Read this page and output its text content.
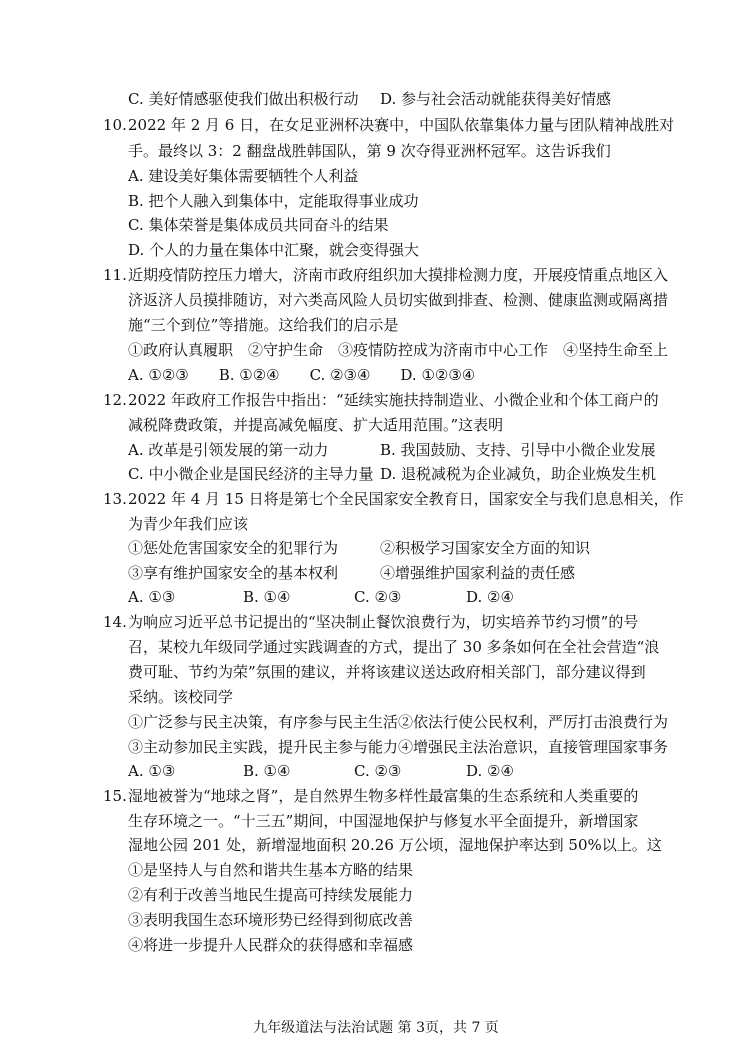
C. 美好情感驱使我们做出积极行动 D. 参与社会活动就能获得美好情感
10. 2022 年 2 月 6 日，在女足亚洲杯决赛中，中国队依靠集体力量与团队精神战胜对
手。最终以 3：2 翻盘战胜韩国队，第 9 次夺得亚洲杯冠军。这告诉我们
A. 建设美好集体需要牺牲个人利益
B. 把个人融入到集体中，定能取得事业成功
C. 集体荣誉是集体成员共同奋斗的结果
D. 个人的力量在集体中汇聚，就会变得强大
11. 近期疫情防控压力增大，济南市政府组织加大摸排检测力度，开展疫情重点地区入
济返济人员摸排随访，对六类高风险人员切实做到排查、检测、健康监测或隔离措
施“三个到位”等措施。这给我们的启示是
①政府认真履职　②守护生命　③疫情防控成为济南市中心工作　④坚持生命至上
A. ①②③　　B. ①②④　　C. ②③④　　D. ①②③④
12. 2022 年政府工作报告中指出：“延续实施扶持制造业、小微企业和个体工商户的
减税降费政策，并提高减免幅度、扩大适用范围。”这表明
A. 改革是引领发展的第一动力	B. 我国鼓励、支持、引导中小微企业发展
C. 中小微企业是国民经济的主导力量 D. 退税减税为企业减负，助企业焕发生机
13. 2022 年 4 月 15 日将是第七个全民国家安全教育日，国家安全与我们息息相关，作
为青少年我们应该
①惩处危害国家安全的犯罪行为	②积极学习国家安全方面的知识
③享有维护国家安全的基本权利	④增强维护国家利益的责任感
A. ①③	B. ①④	C. ②③	D. ②④
14. 为响应习近平总书记提出的“坚决制止餐饮浪费行为，切实培养节约习惯”的号
召，某校九年级同学通过实践调查的方式，提出了 30 多条如何在全社会营造“浪
费可耻、节约为荣”氛围的建议，并将该建议送达政府相关部门，部分建议得到
采纳。该校同学
①广泛参与民主决策，有序参与民主生活②依法行使公民权利，严厉打击浪费行为
③主动参加民主实践，提升民主参与能力④增强民主法治意识，直接管理国家事务
A. ①③	B. ①④	C. ②③	D. ②④
15. 湿地被誉为“地球之肾”，是自然界生物多样性最富集的生态系统和人类重要的
生存环境之一。“十三五”期间，中国湿地保护与修复水平全面提升，新增国家
湿地公园 201 处，新增湿地面积 20.26 万公顷，湿地保护率达到 50%以上。这
①是坚持人与自然和谐共生基本方略的结果
②有利于改善当地民生提高可持续发展能力
③表明我国生态环境形势已经得到彻底改善
④将进一步提升人民群众的获得感和幸福感
九年级道法与法治试题 第 3页，共 7 页
